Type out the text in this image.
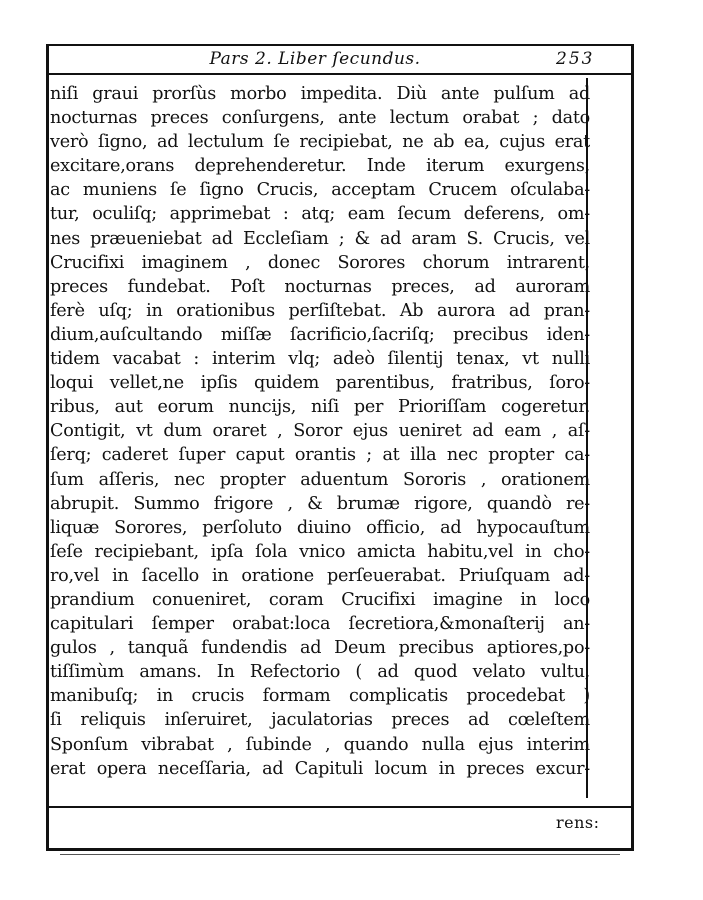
Pars 2. Liber ſecundus.	253
niſi graui prorſùs morbo impedita. Diù ante pulſum ad
nocturnas preces conſurgens, ante lectum orabat ; dato
verò ſigno, ad lectulum ſe recipiebat, ne ab ea, cujus erat
excitare,orans deprehenderetur. Inde iterum exurgens,
ac muniens ſe ſigno Crucis, acceptam Crucem oſculaba-
tur, oculiſq; apprimebat : atq; eam ſecum deferens, om-
nes præueniebat ad Eccleſiam ; & ad aram S. Crucis, vel
Crucifixi imaginem , donec Sorores chorum intrarent,
preces fundebat. Poſt nocturnas preces, ad auroram
ferè uſq; in orationibus perſiſtebat. Ab aurora ad pran-
dium,auſcultando miſſæ ſacrificio,ſacriſq; precibus iden-
tidem vacabat : interim vlq; adeò ſilentij tenax, vt nulli
loqui vellet,ne ipſis quidem parentibus, fratribus, ſoro-
ribus, aut eorum nuncijs, niſi per Prioriſſam cogeretur.
Contigit, vt dum oraret , Soror ejus ueniret ad eam , aſ-
ſerq; caderet ſuper caput orantis ; at illa nec propter ca-
ſum aſſeris, nec propter aduentum Sororis , orationem
abrupit. Summo frigore , & brumæ rigore, quandò re-
liquæ Sorores, perſoluto diuino officio, ad hypocauſtum
ſeſe recipiebant, ipſa ſola vnico amicta habitu,vel in cho-
ro,vel in ſacello in oratione perſeuerabat. Priuſquam ad-
prandium conueniret, coram Crucifixi imagine in loco
capitulari ſemper orabat:loca ſecretiora,&monaſterij an-
gulos , tanquã fundendis ad Deum precibus aptiores,po-
tiſſimùm amans. In Refectorio ( ad quod velato vultu,
manibuſq; in crucis formam complicatis procedebat )
ſi reliquis inſeruiret, jaculatorias preces ad cœleſtem
Sponſum vibrabat , ſubinde , quando nulla ejus interim
erat opera neceſſaria, ad Capituli locum in preces excur-
rens:
